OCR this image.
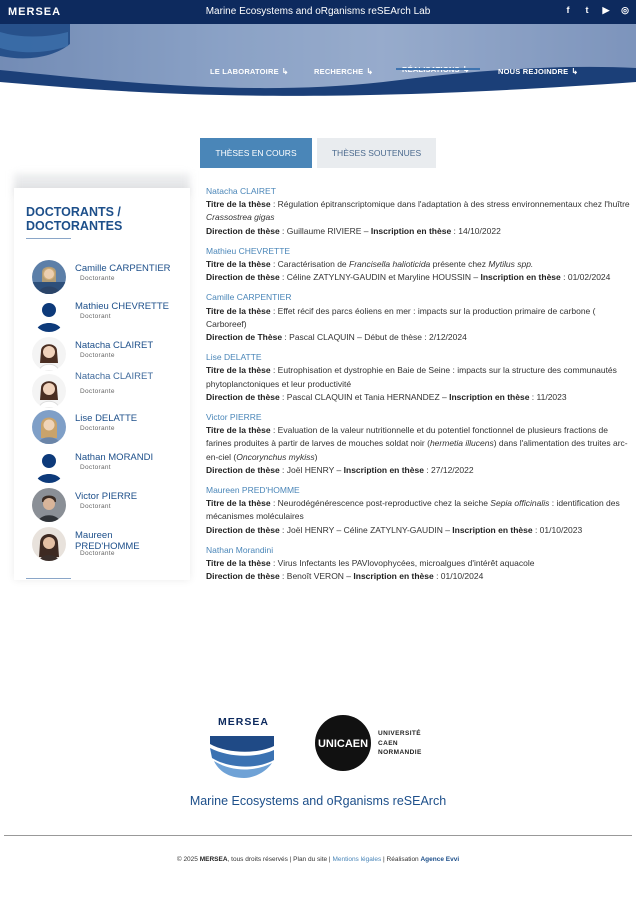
MERSEA	Marine Ecosystems and oRganisms reSEArch Lab	f	t	▶ ◎
LE LABORATOIRE ↳	RECHERCHE ↳	NOUS REJOINDRE ↳
THÈSES EN COURS	THÈSES SOUTENUES
DOCTORANTS / DOCTORANTES
Camille CARPENTIER
Doctorante
Mathieu CHEVRETTE
Doctorant
Natacha CLAIRET
Doctorante
Natacha CLAIRET
Doctorante
Lise DELATTE
Doctorante
Nathan MORANDI
Doctorant
Victor PIERRE
Doctorant
Maureen PRED'HOMME
Doctorante
Natacha CLAIRET
Titre de la thèse : Régulation épitranscriptomique dans l'adaptation à des stress environnementaux chez l'huître Crassostrea gigas
Direction de thèse : Guillaume RIVIERE – Inscription en thèse : 14/10/2022
Mathieu CHEVRETTE
Titre de la thèse : Caractérisation de Francisella halioticida présente chez Mytilus spp.
Direction de thèse : Céline ZATYLNY-GAUDIN et Maryline HOUSSIN – Inscription en thèse : 01/02/2024
Camille CARPENTIER
Titre de la thèse : Effet récif des parcs éoliens en mer : impacts sur la production primaire de carbone ( Carboreef)
Direction de Thèse : Pascal CLAQUIN – Début de thèse : 2/12/2024
Lise DELATTE
Titre de la thèse : Eutrophisation et dystrophie en Baie de Seine : impacts sur la structure des communautés phytoplanctoniques et leur productivité
Direction de thèse : Pascal CLAQUIN et Tania HERNANDEZ – Inscription en thèse : 11/2023
Victor PIERRE
Titre de la thèse : Evaluation de la valeur nutritionnelle et du potentiel fonctionnel de plusieurs fractions de farines produites à partir de larves de mouches soldat noir (hermetia illucens) dans l'alimentation des truites arc-en-ciel (Oncorynchus mykiss)
Direction de thèse : Joël HENRY – Inscription en thèse : 27/12/2022
Maureen PRED'HOMME
Titre de la thèse : Neurodégénérescence post-reproductive chez la seiche Sepia officinalis : identification des mécanismes moléculaires
Direction de thèse : Joël HENRY – Céline ZATYLNY-GAUDIN – Inscription en thèse : 01/10/2023
Nathan Morandini
Titre de la thèse : Virus Infectants les PAVlovophycées, microalgues d'intérêt aquacole
Direction de thèse : Benoît VERON – Inscription en thèse : 01/10/2024
MERSEA
UNICAEN
UNIVERSITÉ
CAEN
NORMANDIE
Marine Ecosystems and oRganisms reSEArch
© 2025 MERSEA, tous droits réservés | Plan du site | Mentions légales | Réalisation Agence Evvi
